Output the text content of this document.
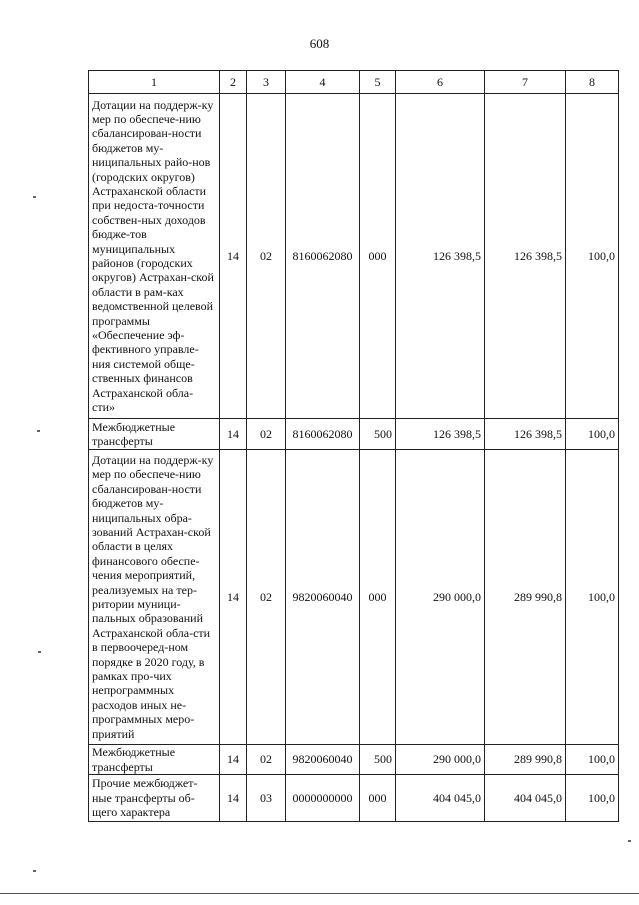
608
1	2	3	4	5	6	7	8
Дотации на поддерж-ку мер по обеспече-нию сбалансирован-ности бюджетов му-ниципальных райо-нов (городских округов) Астраханской области при недоста-точности собствен-ных доходов бюдже-тов муниципальных районов (городских округов) Астрахан-ской области в рам-ках ведомственной целевой программы «Обеспечение эф-фективного управле-ния системой обще-ственных финансов Астраханской обла-сти»	14	02	8160062080	000	126 398,5	126 398,5	100,0
Межбюджетные трансферты	14	02	8160062080	500	126 398,5	126 398,5	100,0
Дотации на поддерж-ку мер по обеспече-нию сбалансирован-ности бюджетов му-ниципальных обра-зований Астрахан-ской области в целях финансового обеспе-чения мероприятий, реализуемых на тер-ритории муници-пальных образований Астраханской обла-сти в первоочеред-ном порядке в 2020 году, в рамках про-чих непрограммных расходов иных не-программных меро-приятий	14	02	9820060040	000	290 000,0	289 990,8	100,0
Межбюджетные трансферты	14	02	9820060040	500	290 000,0	289 990,8	100,0
Прочие межбюджет-ные трансферты об-щего характера	14	03	0000000000	000	404 045,0	404 045,0	100,0
